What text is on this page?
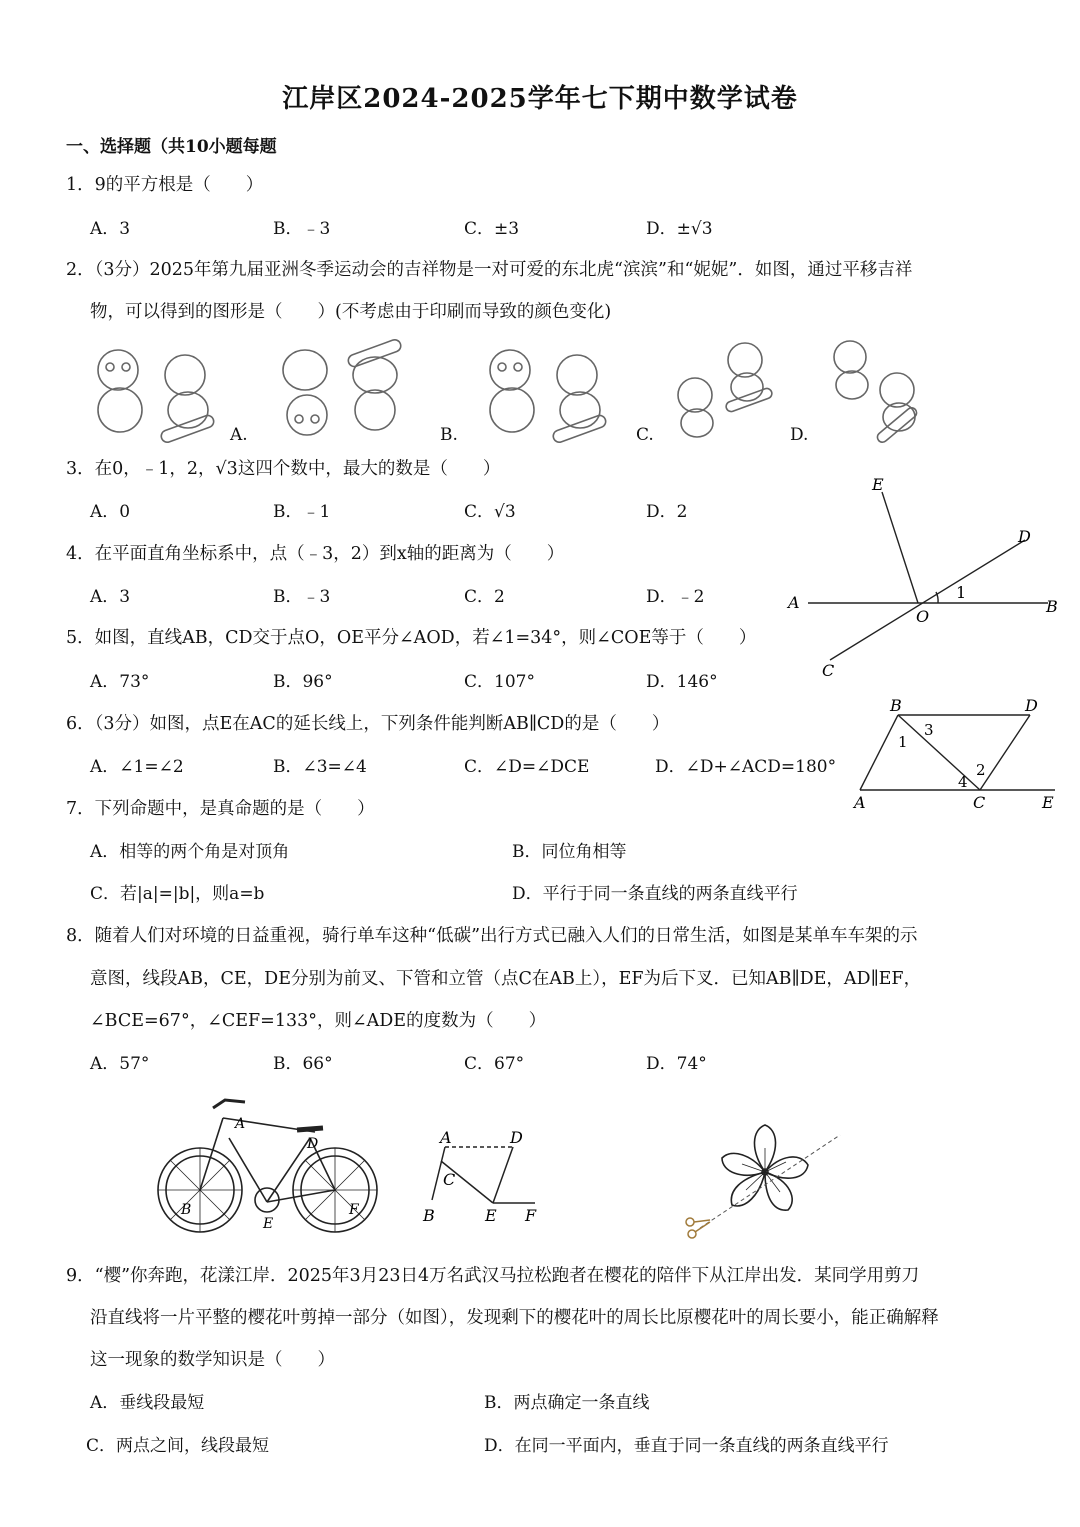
江岸区2024-2025学年七下期中数学试卷
一、选择题（共10小题每题
1．9的平方根是（　　）
A．3	B．﹣3	C．±3	D．±√3
2．（3分）2025年第九届亚洲冬季运动会的吉祥物是一对可爱的东北虎“滨滨”和“妮妮”．如图，通过平移吉祥
物，可以得到的图形是（　　）(不考虑由于印刷而导致的颜色变化)
A.	B.	C.	D.
3．在0，﹣1，2，√3这四个数中，最大的数是（　　）
A．0	B．﹣1	C．√3	D．2
4．在平面直角坐标系中，点（﹣3，2）到x轴的距离为（　　）
A．3	B．﹣3	C．2	D．﹣2
E
D
A
O
1
B
C
5．如图，直线AB，CD交于点O，OE平分∠AOD，若∠1=34°，则∠COE等于（　　）
A．73°	B．96°	C．107°	D．146°
B	D
3
1
2
4
A	C	E
6．（3分）如图，点E在AC的延长线上，下列条件能判断AB∥CD的是（　　）
A．∠1=∠2	B．∠3=∠4	C．∠D=∠DCE	D．∠D+∠ACD=180°
7．下列命题中，是真命题的是（　　）
A．相等的两个角是对顶角	B．同位角相等
C．若|a|=|b|，则a=b	D．平行于同一条直线的两条直线平行
8．随着人们对环境的日益重视，骑行单车这种“低碳”出行方式已融入人们的日常生活，如图是某单车车架的示
意图，线段AB，CE，DE分别为前叉、下管和立管（点C在AB上），EF为后下叉．已知AB∥DE，AD∥EF，
∠BCE=67°，∠CEF=133°，则∠ADE的度数为（　　）
A．57°	B．66°	C．67°	D．74°
A
D
B
E
F
A	D
C
B	E F
9．“樱”你奔跑，花漾江岸．2025年3月23日4万名武汉马拉松跑者在樱花的陪伴下从江岸出发．某同学用剪刀
沿直线将一片平整的樱花叶剪掉一部分（如图），发现剩下的樱花叶的周长比原樱花叶的周长要小，能正确解释
这一现象的数学知识是（　　）
A．垂线段最短	B．两点确定一条直线
C．两点之间，线段最短	D．在同一平面内，垂直于同一条直线的两条直线平行
